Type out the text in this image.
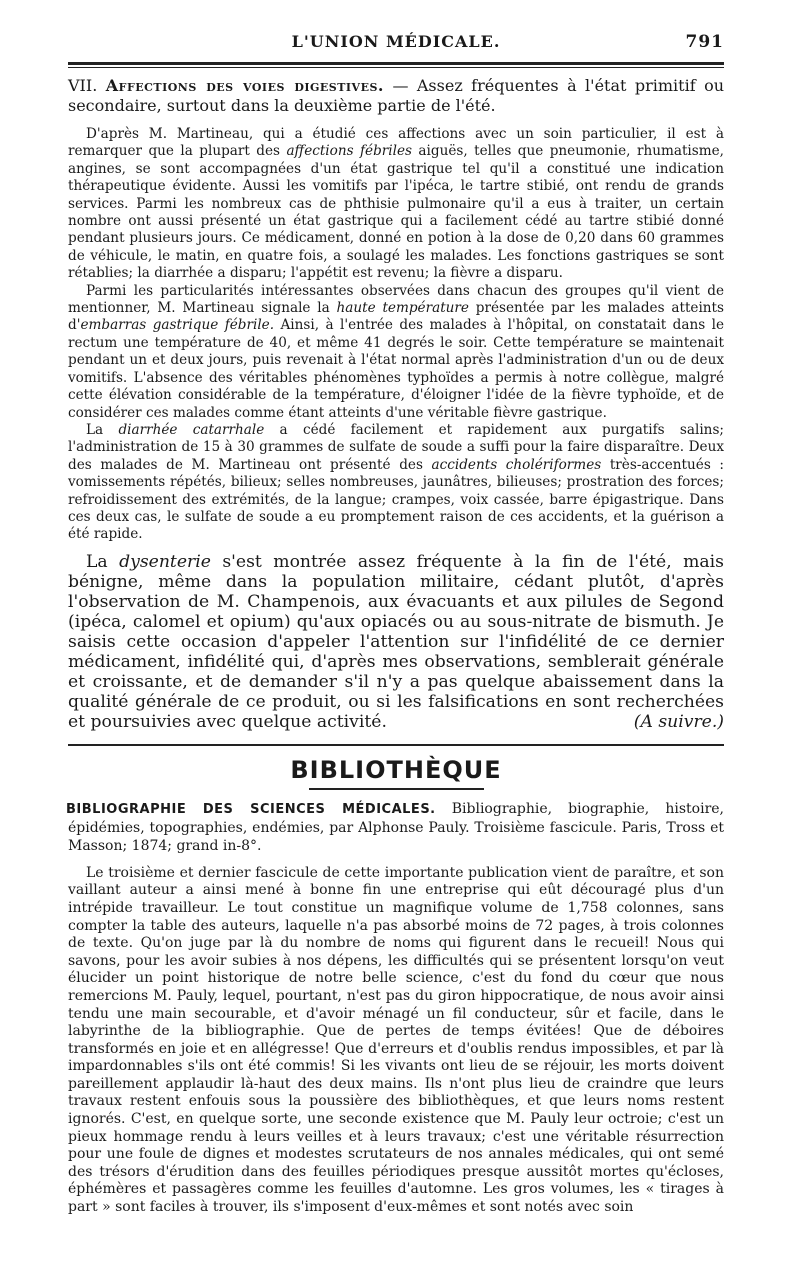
L'UNION MÉDICALE.	791

VII. Affections des voies digestives. — Assez fréquentes à l'état primitif ou secondaire, surtout dans la deuxième partie de l'été.

D'après M. Martineau, qui a étudié ces affections avec un soin particulier, il est à remarquer que la plupart des affections fébriles aiguës, telles que pneumonie, rhumatisme, angines, se sont accompagnées d'un état gastrique tel qu'il a constitué une indication thérapeutique évidente. Aussi les vomitifs par l'ipéca, le tartre stibié, ont rendu de grands services. Parmi les nombreux cas de phthisie pulmonaire qu'il a eus à traiter, un certain nombre ont aussi présenté un état gastrique qui a facilement cédé au tartre stibié donné pendant plusieurs jours. Ce médicament, donné en potion à la dose de 0,20 dans 60 grammes de véhicule, le matin, en quatre fois, a soulagé les malades. Les fonctions gastriques se sont rétablies; la diarrhée a disparu; l'appétit est revenu; la fièvre a disparu.

Parmi les particularités intéressantes observées dans chacun des groupes qu'il vient de mentionner, M. Martineau signale la haute température présentée par les malades atteints d'embarras gastrique fébrile. Ainsi, à l'entrée des malades à l'hôpital, on constatait dans le rectum une température de 40, et même 41 degrés le soir. Cette température se maintenait pendant un et deux jours, puis revenait à l'état normal après l'administration d'un ou de deux vomitifs. L'absence des véritables phénomènes typhoïdes a permis à notre collègue, malgré cette élévation considérable de la température, d'éloigner l'idée de la fièvre typhoïde, et de considérer ces malades comme étant atteints d'une véritable fièvre gastrique.

La diarrhée catarrhale a cédé facilement et rapidement aux purgatifs salins; l'administration de 15 à 30 grammes de sulfate de soude a suffi pour la faire disparaître. Deux des malades de M. Martineau ont présenté des accidents cholériformes très-accentués : vomissements répétés, bilieux; selles nombreuses, jaunâtres, bilieuses; prostration des forces; refroidissement des extrémités, de la langue; crampes, voix cassée, barre épigastrique. Dans ces deux cas, le sulfate de soude a eu promptement raison de ces accidents, et la guérison a été rapide.

La dysenterie s'est montrée assez fréquente à la fin de l'été, mais bénigne, même dans la population militaire, cédant plutôt, d'après l'observation de M. Champenois, aux évacuants et aux pilules de Segond (ipéca, calomel et opium) qu'aux opiacés ou au sous-nitrate de bismuth. Je saisis cette occasion d'appeler l'attention sur l'infidélité de ce dernier médicament, infidélité qui, d'après mes observations, semblerait générale et croissante, et de demander s'il n'y a pas quelque abaissement dans la qualité générale de ce produit, ou si les falsifications en sont recherchées et poursuivies avec quelque activité.	(A suivre.)

BIBLIOTHÈQUE

BIBLIOGRAPHIE DES SCIENCES MÉDICALES. Bibliographie, biographie, histoire, épidémies, topographies, endémies, par Alphonse Pauly. Troisième fascicule. Paris, Tross et Masson; 1874; grand in-8°.

Le troisième et dernier fascicule de cette importante publication vient de paraître, et son vaillant auteur a ainsi mené à bonne fin une entreprise qui eût découragé plus d'un intrépide travailleur. Le tout constitue un magnifique volume de 1,758 colonnes, sans compter la table des auteurs, laquelle n'a pas absorbé moins de 72 pages, à trois colonnes de texte. Qu'on juge par là du nombre de noms qui figurent dans le recueil! Nous qui savons, pour les avoir subies à nos dépens, les difficultés qui se présentent lorsqu'on veut élucider un point historique de notre belle science, c'est du fond du cœur que nous remercions M. Pauly, lequel, pourtant, n'est pas du giron hippocratique, de nous avoir ainsi tendu une main secourable, et d'avoir ménagé un fil conducteur, sûr et facile, dans le labyrinthe de la bibliographie. Que de pertes de temps évitées! Que de déboires transformés en joie et en allégresse! Que d'erreurs et d'oublis rendus impossibles, et par là impardonnables s'ils ont été commis! Si les vivants ont lieu de se réjouir, les morts doivent pareillement applaudir là-haut des deux mains. Ils n'ont plus lieu de craindre que leurs travaux restent enfouis sous la poussière des bibliothèques, et que leurs noms restent ignorés. C'est, en quelque sorte, une seconde existence que M. Pauly leur octroie; c'est un pieux hommage rendu à leurs veilles et à leurs travaux; c'est une véritable résurrection pour une foule de dignes et modestes scrutateurs de nos annales médicales, qui ont semé des trésors d'érudition dans des feuilles périodiques presque aussitôt mortes qu'écloses, éphémères et passagères comme les feuilles d'automne. Les gros volumes, les « tirages à part » sont faciles à trouver, ils s'imposent d'eux-mêmes et sont notés avec soin
